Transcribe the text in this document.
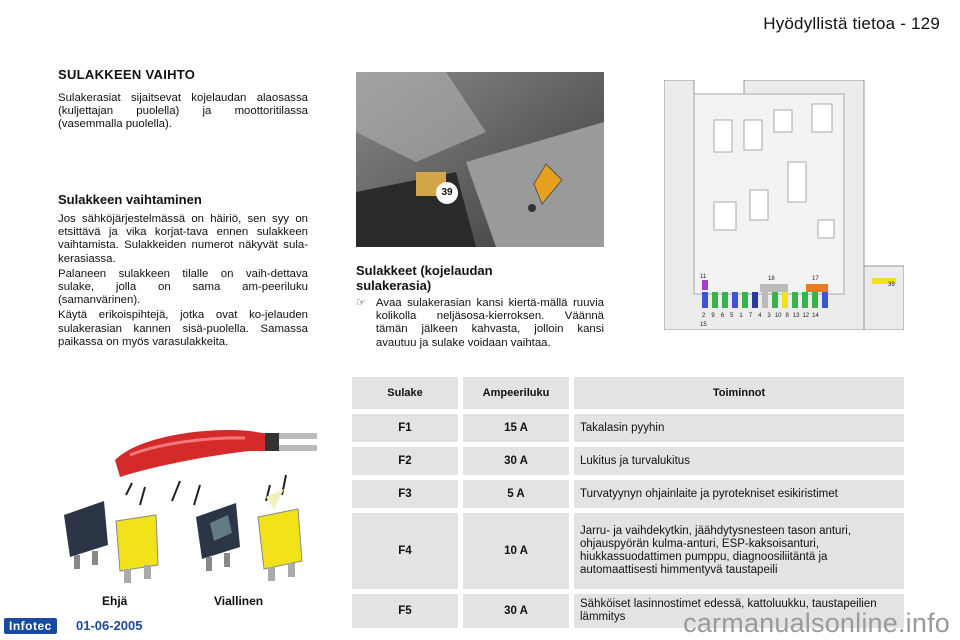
Hyödyllistä tietoa - 129
SULAKKEEN VAIHTO

Sulakerasiat sijaitsevat kojelaudan alaosassa (kuljettajan puolella) ja moottoritilassa (vasemmalla puolella).

Sulakkeen vaihtaminen

Jos sähköjärjestelmässä on häiriö, sen syy on etsittävä ja vika korjat-tava ennen sulakkeen vaihtamista. Sulakkeiden numerot näkyvät sula-kerasiassa.

Palaneen sulakkeen tilalle on vaih-dettava sulake, jolla on sama am-peeriluku (samanvärinen).

Käytä erikoispihtejä, jotka ovat ko-jelauden sulakerasian kannen sisä-puolella. Samassa paikassa on myös varasulakkeita.

Ehjä	Viallinen
39
Sulakkeet (kojelaudan
sulakerasia)
☞ Avaa sulakerasian kansi kiertä-mällä ruuvia kolikolla neljäsosa-kierroksen. Väännä tämän jälkeen kahvasta, jolloin kansi avautuu ja sulake voidaan vaihtaa.
11	18	17
39
2 9 6 5 1 7 4 3 10 8 13 12 14
15
Sulake	Ampeeriluku	Toiminnot
F1	15 A	Takalasin pyyhin
F2	30 A	Lukitus ja turvalukitus
F3	5 A	Turvatyynyn ohjainlaite ja pyrotekniset esikiristimet
F4	10 A	Jarru- ja vaihdekytkin, jäähdytysnesteen tason anturi, ohjauspyörän kulma-anturi, ESP-kaksoisanturi, hiukkassuodattimen pumppu, diagnoosiliitäntä ja automaattisesti himmentyvä taustapeili
F5	30 A	Sähköiset lasinnostimet edessä, kattoluukku, taustapeilien lämmitys
Infotec	01-06-2005	carmanualsonline.info
